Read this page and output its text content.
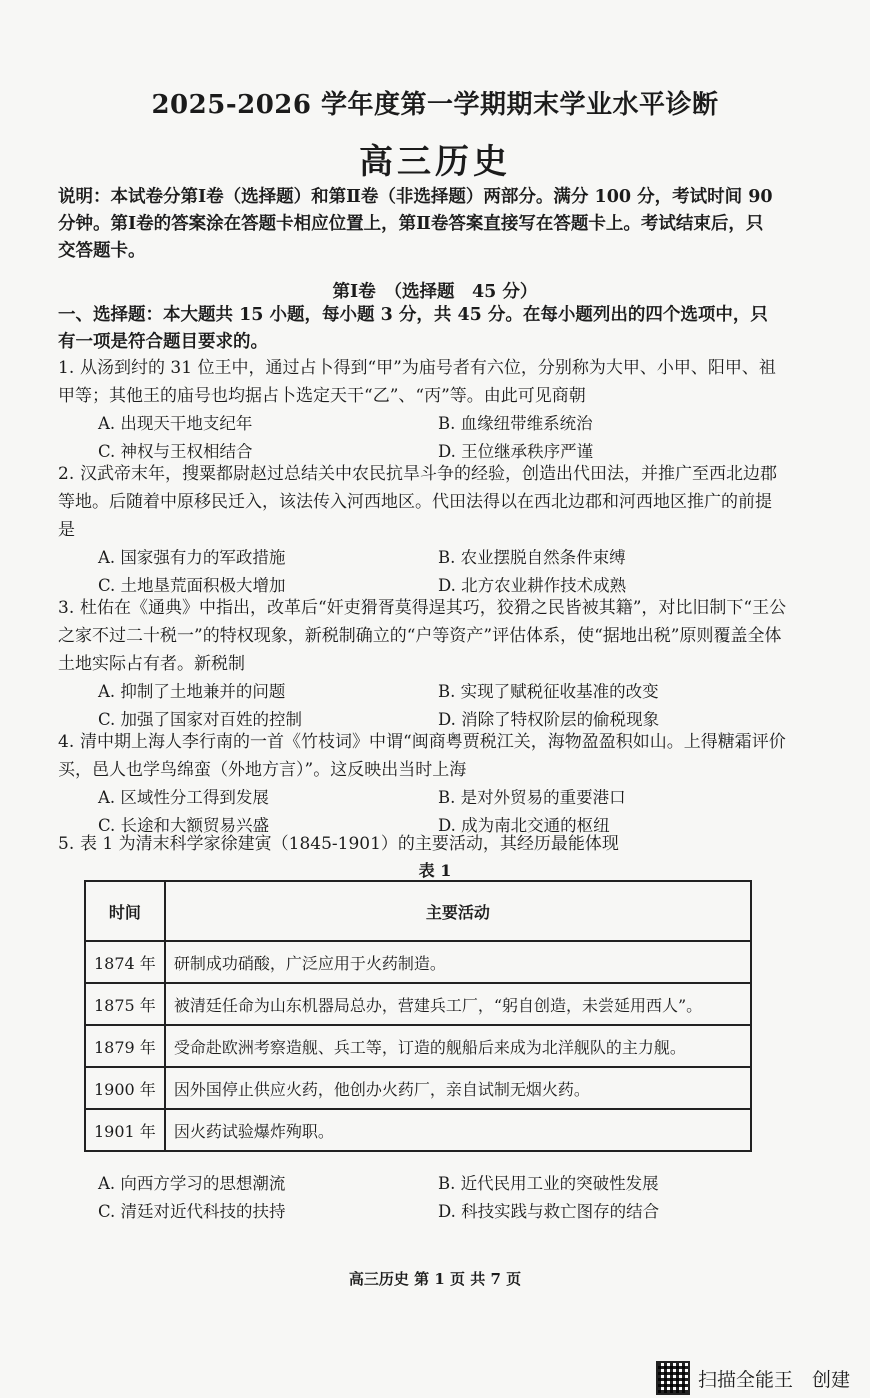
2025-2026 学年度第一学期期末学业水平诊断
高三历史
说明：本试卷分第Ⅰ卷（选择题）和第Ⅱ卷（非选择题）两部分。满分 100 分，考试时间 90 分钟。第Ⅰ卷的答案涂在答题卡相应位置上，第Ⅱ卷答案直接写在答题卡上。考试结束后，只交答题卡。
第Ⅰ卷　（选择题　45 分）
一、选择题：本大题共 15 小题，每小题 3 分，共 45 分。在每小题列出的四个选项中，只有一项是符合题目要求的。
1. 从汤到纣的 31 位王中，通过占卜得到“甲”为庙号者有六位，分别称为大甲、小甲、阳甲、祖甲等；其他王的庙号也均据占卜选定天干“乙”、“丙”等。由此可见商朝
A. 出现天干地支纪年	B. 血缘纽带维系统治
C. 神权与王权相结合	D. 王位继承秩序严谨
2. 汉武帝末年，搜粟都尉赵过总结关中农民抗旱斗争的经验，创造出代田法，并推广至西北边郡等地。后随着中原移民迁入，该法传入河西地区。代田法得以在西北边郡和河西地区推广的前提是
A. 国家强有力的军政措施	B. 农业摆脱自然条件束缚
C. 土地垦荒面积极大增加	D. 北方农业耕作技术成熟
3. 杜佑在《通典》中指出，改革后“奸吏猾胥莫得逞其巧，狡猾之民皆被其籍”，对比旧制下“王公之家不过二十税一”的特权现象，新税制确立的“户等资产”评估体系，使“据地出税”原则覆盖全体土地实际占有者。新税制
A. 抑制了土地兼并的问题	B. 实现了赋税征收基准的改变
C. 加强了国家对百姓的控制	D. 消除了特权阶层的偷税现象
4. 清中期上海人李行南的一首《竹枝词》中谓“闽商粤贾税江关，海物盈盈积如山。上得糖霜评价买，邑人也学鸟绵蛮（外地方言）”。这反映出当时上海
A. 区域性分工得到发展	B. 是对外贸易的重要港口
C. 长途和大额贸易兴盛	D. 成为南北交通的枢纽
5. 表 1 为清末科学家徐建寅（1845-1901）的主要活动，其经历最能体现
表 1
时间	主要活动
1874 年	研制成功硝酸，广泛应用于火药制造。
1875 年	被清廷任命为山东机器局总办，营建兵工厂，“躬自创造，未尝延用西人”。
1879 年	受命赴欧洲考察造舰、兵工等，订造的舰船后来成为北洋舰队的主力舰。
1900 年	因外国停止供应火药，他创办火药厂，亲自试制无烟火药。
1901 年	因火药试验爆炸殉职。
A. 向西方学习的思想潮流	B. 近代民用工业的突破性发展
C. 清廷对近代科技的扶持	D. 科技实践与救亡图存的结合
高三历史 第 1 页 共 7 页
扫描全能王　创建
